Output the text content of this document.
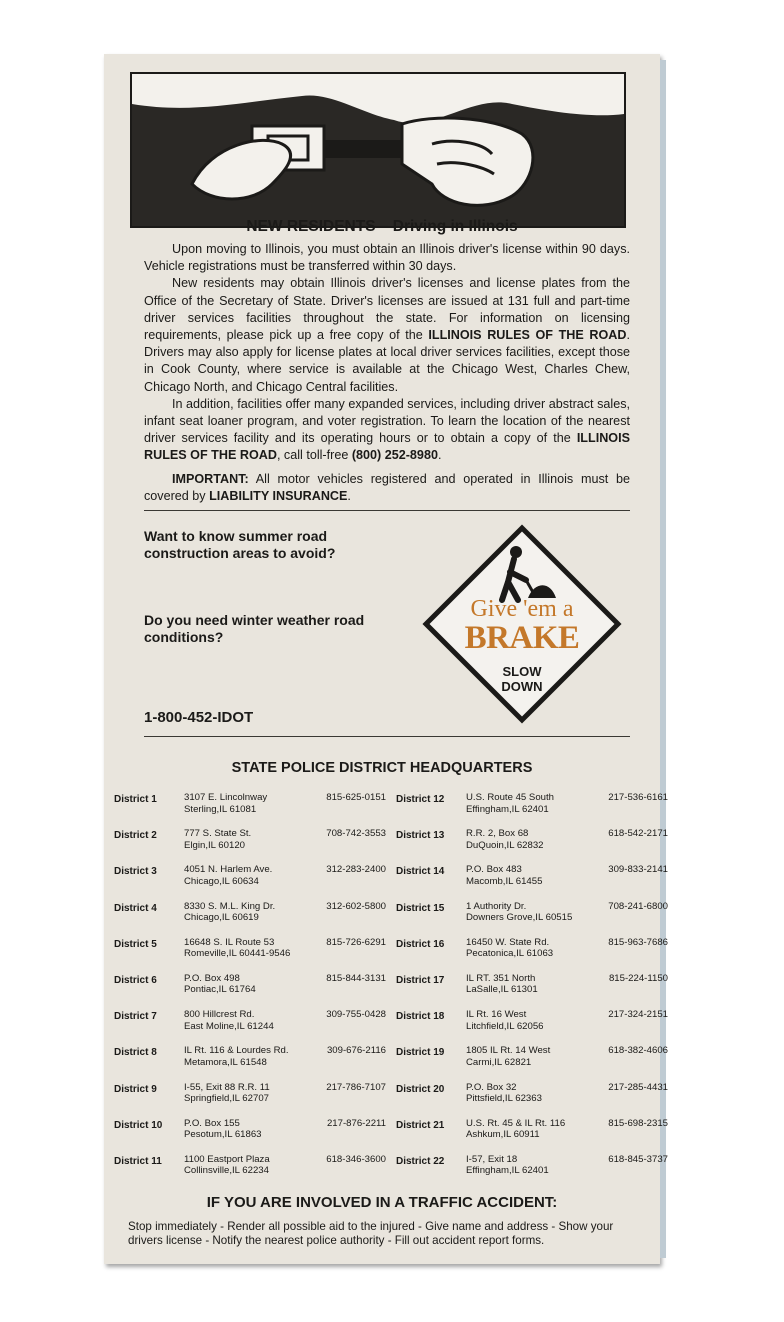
NEW RESIDENTS – Driving in Illinois

Upon moving to Illinois, you must obtain an Illinois driver's license within 90 days. Vehicle registrations must be transferred within 30 days.

New residents may obtain Illinois driver's licenses and license plates from the Office of the Secretary of State. Driver's licenses are issued at 131 full and part-time driver services facilities throughout the state. For information on licensing requirements, please pick up a free copy of the ILLINOIS RULES OF THE ROAD. Drivers may also apply for license plates at local driver services facilities, except those in Cook County, where service is available at the Chicago West, Charles Chew, Chicago North, and Chicago Central facilities.

In addition, facilities offer many expanded services, including driver abstract sales, infant seat loaner program, and voter registration. To learn the location of the nearest driver services facility and its operating hours or to obtain a copy of the ILLINOIS RULES OF THE ROAD, call toll-free (800) 252-8980.

IMPORTANT: All motor vehicles registered and operated in Illinois must be covered by LIABILITY INSURANCE.

Want to know summer road construction areas to avoid?
Do you need winter weather road conditions?
1-800-452-IDOT
Give 'em a
BRAKE
SLOW
DOWN
STATE POLICE DISTRICT HEADQUARTERS
District 1	3107 E. Lincolnway
Sterling,IL 61081
815-625-0151
District 2	777 S. State St.
Elgin,IL 60120
708-742-3553
District 3	4051 N. Harlem Ave.
Chicago,IL 60634
312-283-2400
District 4	8330 S. M.L. King Dr.
Chicago,IL 60619
312-602-5800
District 5	16648 S. IL Route 53
Romeville,IL 60441-9546
815-726-6291
District 6	P.O. Box 498
Pontiac,IL 61764
815-844-3131
District 7	800 Hillcrest Rd.
East Moline,IL 61244
309-755-0428
District 8	IL Rt. 116 & Lourdes Rd.
Metamora,IL 61548
309-676-2116
District 9	I-55, Exit 88 R.R. 11
Springfield,IL 62707
217-786-7107
District 10	P.O. Box 155
Pesotum,IL 61863
217-876-2211
District 11	1100 Eastport Plaza
Collinsville,IL 62234
618-346-3600
District 12	U.S. Route 45 South
Effingham,IL 62401
217-536-6161
District 13	R.R. 2, Box 68
DuQuoin,IL 62832
618-542-2171
District 14	P.O. Box 483
Macomb,IL 61455
309-833-2141
District 15	1 Authority Dr.
Downers Grove,IL 60515
708-241-6800
District 16	16450 W. State Rd.
Pecatonica,IL 61063
815-963-7686
District 17	IL RT. 351 North
LaSalle,IL 61301
815-224-1150
District 18	IL Rt. 16 West
Litchfield,IL 62056
217-324-2151
District 19	1805 IL Rt. 14 West
Carmi,IL 62821
618-382-4606
District 20	P.O. Box 32
Pittsfield,IL 62363
217-285-4431
District 21	U.S. Rt. 45 & IL Rt. 116
Ashkum,IL 60911
815-698-2315
District 22	I-57, Exit 18
Effingham,IL 62401
618-845-3737
IF YOU ARE INVOLVED IN A TRAFFIC ACCIDENT:
Stop immediately - Render all possible aid to the injured - Give name and address - Show your drivers license - Notify the nearest police authority - Fill out accident report forms.
